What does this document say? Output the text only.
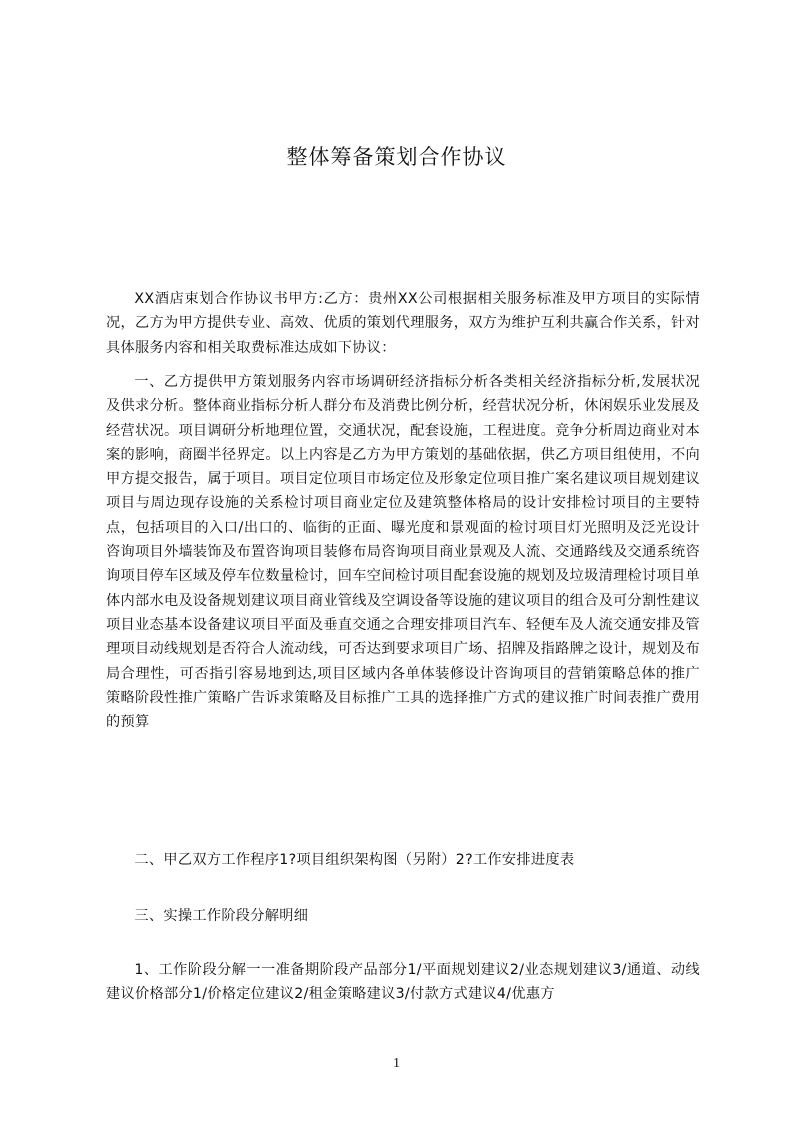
整体筹备策划合作协议

XX酒店束划合作协议书甲方:乙方：贵州XX公司根据相关服务标准及甲方项目的实际情况，乙方为甲方提供专业、高效、优质的策划代理服务，双方为维护互利共赢合作关系，针对具体服务内容和相关取费标准达成如下协议：

一、乙方提供甲方策划服务内容市场调研经济指标分析各类相关经济指标分析,发展状况及供求分析。整体商业指标分析人群分布及消费比例分析，经营状况分析，休闲娱乐业发展及经营状况。项目调研分析地理位置，交通状况，配套设施，工程进度。竞争分析周边商业对本案的影响，商圈半径界定。以上内容是乙方为甲方策划的基础依据，供乙方项目组使用，不向甲方提交报告，属于项目。项目定位项目市场定位及形象定位项目推广案名建议项目规划建议项目与周边现存设施的关系检讨项目商业定位及建筑整体格局的设计安排检讨项目的主要特点，包括项目的入口/出口的、临街的正面、曝光度和景观面的检讨项目灯光照明及泛光设计咨询项目外墙装饰及布置咨询项目装修布局咨询项目商业景观及人流、交通路线及交通系统咨询项目停车区域及停车位数量检讨，回车空间检讨项目配套设施的规划及垃圾清理检讨项目单体内部水电及设备规划建议项目商业管线及空调设备等设施的建议项目的组合及可分割性建议项目业态基本设备建议项目平面及垂直交通之合理安排项目汽车、轻便车及人流交通安排及管理项目动线规划是否符合人流动线，可否达到要求项目广场、招牌及指路牌之设计，规划及布局合理性，可否指引容易地到达,项目区域内各单体装修设计咨询项目的营销策略总体的推广策略阶段性推广策略广告诉求策略及目标推广工具的选择推广方式的建议推广时间表推广费用的预算

二、甲乙双方工作程序1?项目组织架构图（另附）2?工作安排进度表

三、实操工作阶段分解明细

1、工作阶段分解一一准备期阶段产品部分1/平面规划建议2/业态规划建议3/通道、动线建议价格部分1/价格定位建议2/租金策略建议3/付款方式建议4/优惠方

1
